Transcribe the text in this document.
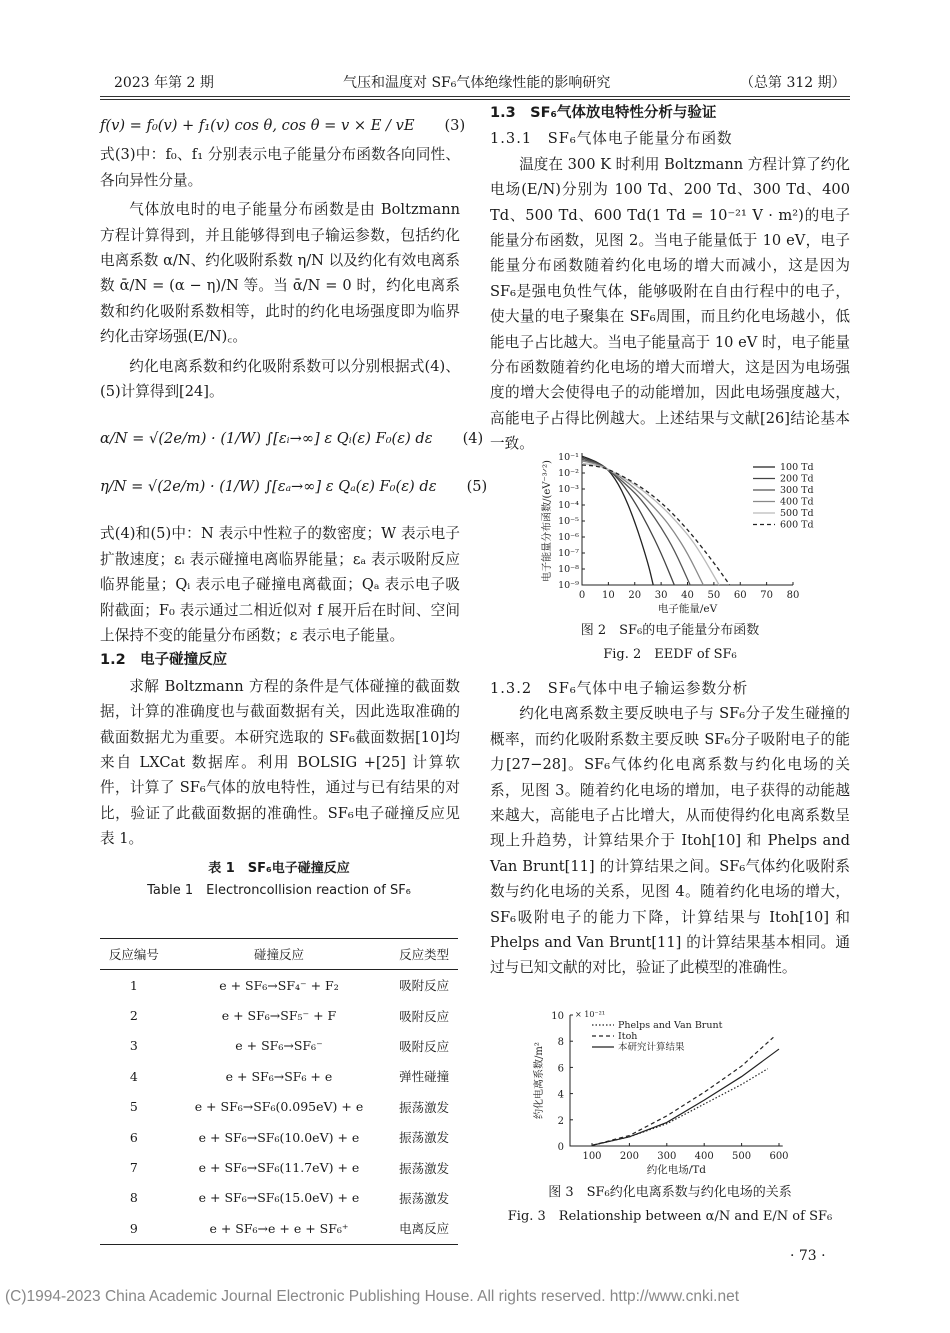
2023 年第 2 期	气压和温度对 SF₆气体绝缘性能的影响研究	（总第 312 期）

f(v) = f₀(v) + f₁(v) cos θ, cos θ = v × E / vE (3)

式(3)中：f₀、f₁ 分别表示电子能量分布函数各向同性、各向异性分量。

气体放电时的电子能量分布函数是由 Boltzmann 方程计算得到，并且能够得到电子输运参数，包括约化电离系数 α/N、约化吸附系数 η/N 以及约化有效电离系数 ᾱ/N = (α − η)/N 等。当 ᾱ/N = 0 时，约化电离系数和约化吸附系数相等，此时的约化电场强度即为临界约化击穿场强(E/N)꜀。

约化电离系数和约化吸附系数可以分别根据式(4)、(5)计算得到[24]。

α/N = √(2e/m) · (1/W) ∫[εᵢ→∞] ε Qᵢ(ε) F₀(ε) dε (4)

η/N = √(2e/m) · (1/W) ∫[εₐ→∞] ε Qₐ(ε) F₀(ε) dε (5)

式(4)和(5)中：N 表示中性粒子的数密度；W 表示电子扩散速度；εᵢ 表示碰撞电离临界能量；εₐ 表示吸附反应临界能量；Qᵢ 表示电子碰撞电离截面；Qₐ 表示电子吸附截面；F₀ 表示通过二相近似对 f 展开后在时间、空间上保持不变的能量分布函数；ε 表示电子能量。

1.2　电子碰撞反应

求解 Boltzmann 方程的条件是气体碰撞的截面数据，计算的准确度也与截面数据有关，因此选取准确的截面数据尤为重要。本研究选取的 SF₆截面数据[10]均来自 LXCat 数据库。利用 BOLSIG +[25] 计算软件，计算了 SF₆气体的放电特性，通过与已有结果的对比，验证了此截面数据的准确性。SF₆电子碰撞反应见表 1。

表 1　SF₆电子碰撞反应
Table 1　Electroncollision reaction of SF₆
反应编号	碰撞反应	反应类型
1	e + SF₆→SF₄⁻ + F₂	吸附反应
2	e + SF₆→SF₅⁻ + F	吸附反应
3	e + SF₆→SF₆⁻	吸附反应
4	e + SF₆→SF₆ + e	弹性碰撞
5	e + SF₆→SF₆(0.095eV) + e	振荡激发
6	e + SF₆→SF₆(10.0eV) + e	振荡激发
7	e + SF₆→SF₆(11.7eV) + e	振荡激发
8	e + SF₆→SF₆(15.0eV) + e	振荡激发
9	e + SF₆→e + e + SF₆⁺	电离反应

1.3　SF₆气体放电特性分析与验证

1.3.1　SF₆气体电子能量分布函数

温度在 300 K 时利用 Boltzmann 方程计算了约化电场(E/N)分别为 100 Td、200 Td、300 Td、400 Td、500 Td、600 Td(1 Td = 10⁻²¹ V · m²)的电子能量分布函数，见图 2。当电子能量低于 10 eV，电子能量分布函数随着约化电场的增大而减小，这是因为 SF₆是强电负性气体，能够吸附在自由行程中的电子，使大量的电子聚集在 SF₆周围，而且约化电场越小，低能电子占比越大。当电子能量高于 10 eV 时，电子能量分布函数随着约化电场的增大而增大，这是因为电场强度的增大会使得电子的动能增加，因此电场强度越大，高能电子占得比例越大。上述结果与文献[26]结论基本一致。

0 10 20 30 40 50 60 70 80
10⁻¹
10⁻²
10⁻³
10⁻⁴
10⁻⁵
10⁻⁶
10⁻⁷
10⁻⁸
10⁻⁹
电子能量/eV
电子能量分布函数/(eV⁻³ᐟ²)	100 Td
200 Td
300 Td
400 Td
500 Td
600 Td
图 2　SF₆的电子能量分布函数
Fig. 2　EEDF of SF₆

1.3.2　SF₆气体中电子输运参数分析

约化电离系数主要反映电子与 SF₆分子发生碰撞的概率，而约化吸附系数主要反映 SF₆分子吸附电子的能力[27−28]。SF₆气体约化电离系数与约化电场的关系，见图 3。随着约化电场的增加，电子获得的动能越来越大，高能电子占比增大，从而使得约化电离系数呈现上升趋势，计算结果介于 Itoh[10] 和 Phelps and Van Brunt[11] 的计算结果之间。SF₆气体约化吸附系数与约化电场的关系，见图 4。随着约化电场的增大，SF₆吸附电子的能力下降，计算结果与 Itoh[10] 和 Phelps and Van Brunt[11] 的计算结果基本相同。通过与已知文献的对比，验证了此模型的准确性。

100 200 300 400 500 600
0
2
4
6
8
10 × 10⁻²¹
约化电场/Td
约化电离系数/m²
Phelps and Van Brunt
Itoh
本研究计算结果
图 3　SF₆约化电离系数与约化电场的关系
Fig. 3　Relationship between α/N and E/N of SF₆
· 73 ·
(C)1994-2023 China Academic Journal Electronic Publishing House. All rights reserved. http://www.cnki.net
